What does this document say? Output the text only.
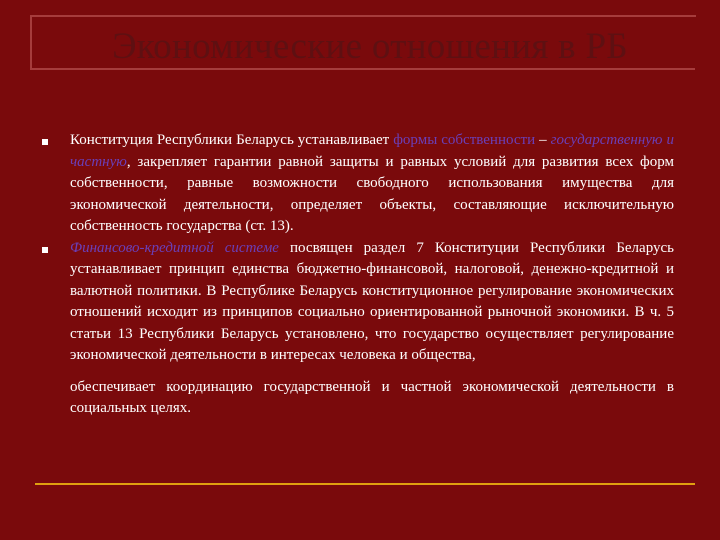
Экономические отношения в РБ
Конституция Республики Беларусь устанавливает формы собственности – государственную и частную, закрепляет гарантии равной защиты и равных условий для развития всех форм собственности, равные возможности свободного использования имущества для экономической деятельности, определяет объекты, составляющие исключительную собственность государства (ст. 13).
Финансово-кредитной системе посвящен раздел 7 Конституции Республики Беларусь устанавливает принцип единства бюджетно-финансовой, налоговой, денежно-кредитной и валютной политики. В Республике Беларусь конституционное регулирование экономических отношений исходит из принципов социально ориентированной рыночной экономики. В ч. 5 статьи 13 Республики Беларусь установлено, что государство осуществляет регулирование экономической деятельности в интересах человека и общества,
обеспечивает координацию государственной и частной экономической деятельности в социальных целях.
